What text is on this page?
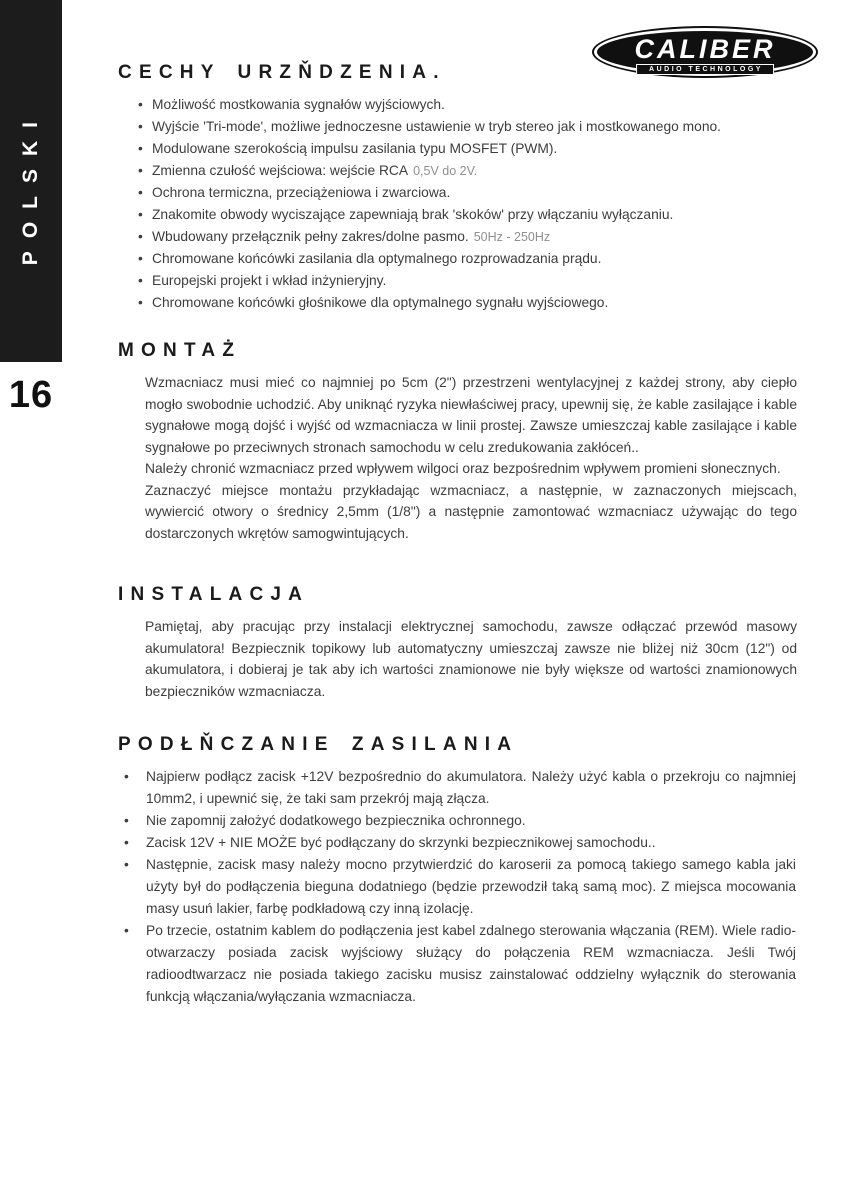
POLSKI
16
CALIBER
AUDIO TECHNOLOGY
CECHY URZŇDZENIA.
• Możliwość mostkowania sygnałów wyjściowych.
• Wyjście 'Tri-mode', możliwe jednoczesne ustawienie w tryb stereo jak i mostkowanego mono.
• Modulowane szerokością impulsu zasilania typu MOSFET (PWM).
• Zmienna czułość wejściowa: wejście RCA 0,5V do 2V.
• Ochrona termiczna, przeciążeniowa i zwarciowa.
• Znakomite obwody wyciszające zapewniają brak 'skoków' przy włączaniu wyłączaniu.
• Wbudowany przełącznik pełny zakres/dolne pasmo. 50Hz - 250Hz
• Chromowane końcówki zasilania dla optymalnego rozprowadzania prądu.
• Europejski projekt i wkład inżynieryjny.
• Chromowane końcówki głośnikowe dla optymalnego sygnału wyjściowego.
MONTAŻ

Wzmacniacz musi mieć co najmniej po 5cm (2") przestrzeni wentylacyjnej z każdej strony, aby ciepło mogło swobodnie uchodzić. Aby uniknąć ryzyka niewłaściwej pracy, upewnij się, że kable zasilające i kable sygnałowe mogą dojść i wyjść od wzmacniacza w linii prostej. Zawsze umieszczaj kable zasilające i kable sygnałowe po przeciwnych stronach samochodu w celu zredukowania zakłóceń..

Należy chronić wzmacniacz przed wpływem wilgoci oraz bezpośrednim wpływem promieni słonecznych.

Zaznaczyć miejsce montażu przykładając wzmacniacz, a następnie, w zaznaczonych miejscach, wywiercić otwory o średnicy 2,5mm (1/8") a następnie zamontować wzmacniacz używając do tego dostarczonych wkrętów samogwintujących.

INSTALACJA

Pamiętaj, aby pracując przy instalacji elektrycznej samochodu, zawsze odłączać przewód masowy akumulatora! Bezpiecznik topikowy lub automatyczny umieszczaj zawsze nie bliżej niż 30cm (12") od akumulatora, i dobieraj je tak aby ich wartości znamionowe nie były większe od wartości znamionowych bezpieczników wzmacniacza.

PODŁŇCZANIE ZASILANIA
• Najpierw podłącz zacisk +12V bezpośrednio do akumulatora. Należy użyć kabla o przekroju co najmniej 10mm2, i upewnić się, że taki sam przekrój mają złącza.
• Nie zapomnij założyć dodatkowego bezpiecznika ochronnego.
• Zacisk 12V + NIE MOŻE być podłączany do skrzynki bezpiecznikowej samochodu..
• Następnie, zacisk masy należy mocno przytwierdzić do karoserii za pomocą takiego samego kabla jaki użyty był do podłączenia bieguna dodatniego (będzie przewodził taką samą moc). Z miejsca mocowania masy usuń lakier, farbę podkładową czy inną izolację.
• Po trzecie, ostatnim kablem do podłączenia jest kabel zdalnego sterowania włączania (REM). Wiele radio-otwarzaczy posiada zacisk wyjściowy służący do połączenia REM wzmacniacza. Jeśli Twój radioodtwarzacz nie posiada takiego zacisku musisz zainstalować oddzielny wyłącznik do sterowania funkcją włączania/wyłączania wzmacniacza.
